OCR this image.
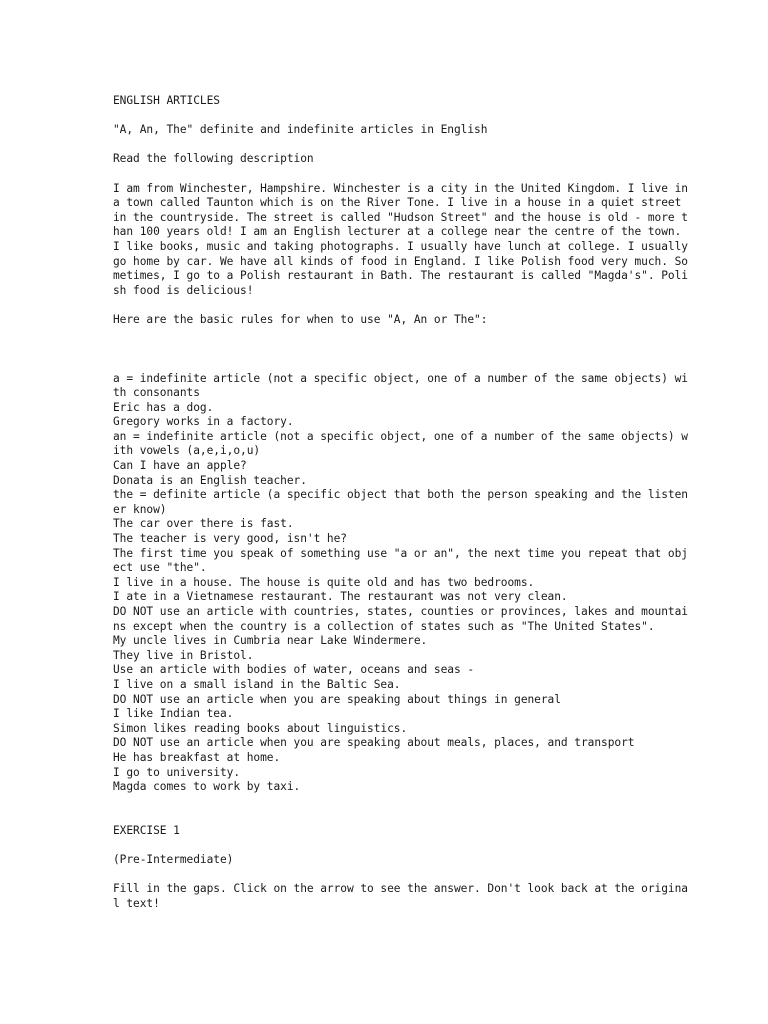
ENGLISH ARTICLES
"A, An, The" definite and indefinite articles in English
Read the following description
I am from Winchester, Hampshire. Winchester is a city in the United Kingdom. I live in
a town called Taunton which is on the River Tone. I live in a house in a quiet street
in the countryside. The street is called "Hudson Street" and the house is old - more t
han 100 years old! I am an English lecturer at a college near the centre of the town.
I like books, music and taking photographs. I usually have lunch at college. I usually
go home by car. We have all kinds of food in England. I like Polish food very much. So
metimes, I go to a Polish restaurant in Bath. The restaurant is called "Magda's". Poli
sh food is delicious!
Here are the basic rules for when to use "A, An or The":
a = indefinite article (not a specific object, one of a number of the same objects) wi
th consonants
Eric has a dog.
Gregory works in a factory.
an = indefinite article (not a specific object, one of a number of the same objects) w
ith vowels (a,e,i,o,u)
Can I have an apple?
Donata is an English teacher.
the = definite article (a specific object that both the person speaking and the listen
er know)
The car over there is fast.
The teacher is very good, isn't he?
The first time you speak of something use "a or an", the next time you repeat that obj
ect use "the".
I live in a house. The house is quite old and has two bedrooms.
I ate in a Vietnamese restaurant. The restaurant was not very clean.
DO NOT use an article with countries, states, counties or provinces, lakes and mountai
ns except when the country is a collection of states such as "The United States".
My uncle lives in Cumbria near Lake Windermere.
They live in Bristol.
Use an article with bodies of water, oceans and seas -
I live on a small island in the Baltic Sea.
DO NOT use an article when you are speaking about things in general
I like Indian tea.
Simon likes reading books about linguistics.
DO NOT use an article when you are speaking about meals, places, and transport
He has breakfast at home.
I go to university.
Magda comes to work by taxi.
EXERCISE 1
(Pre-Intermediate)
Fill in the gaps. Click on the arrow to see the answer. Don't look back at the origina
l text!
